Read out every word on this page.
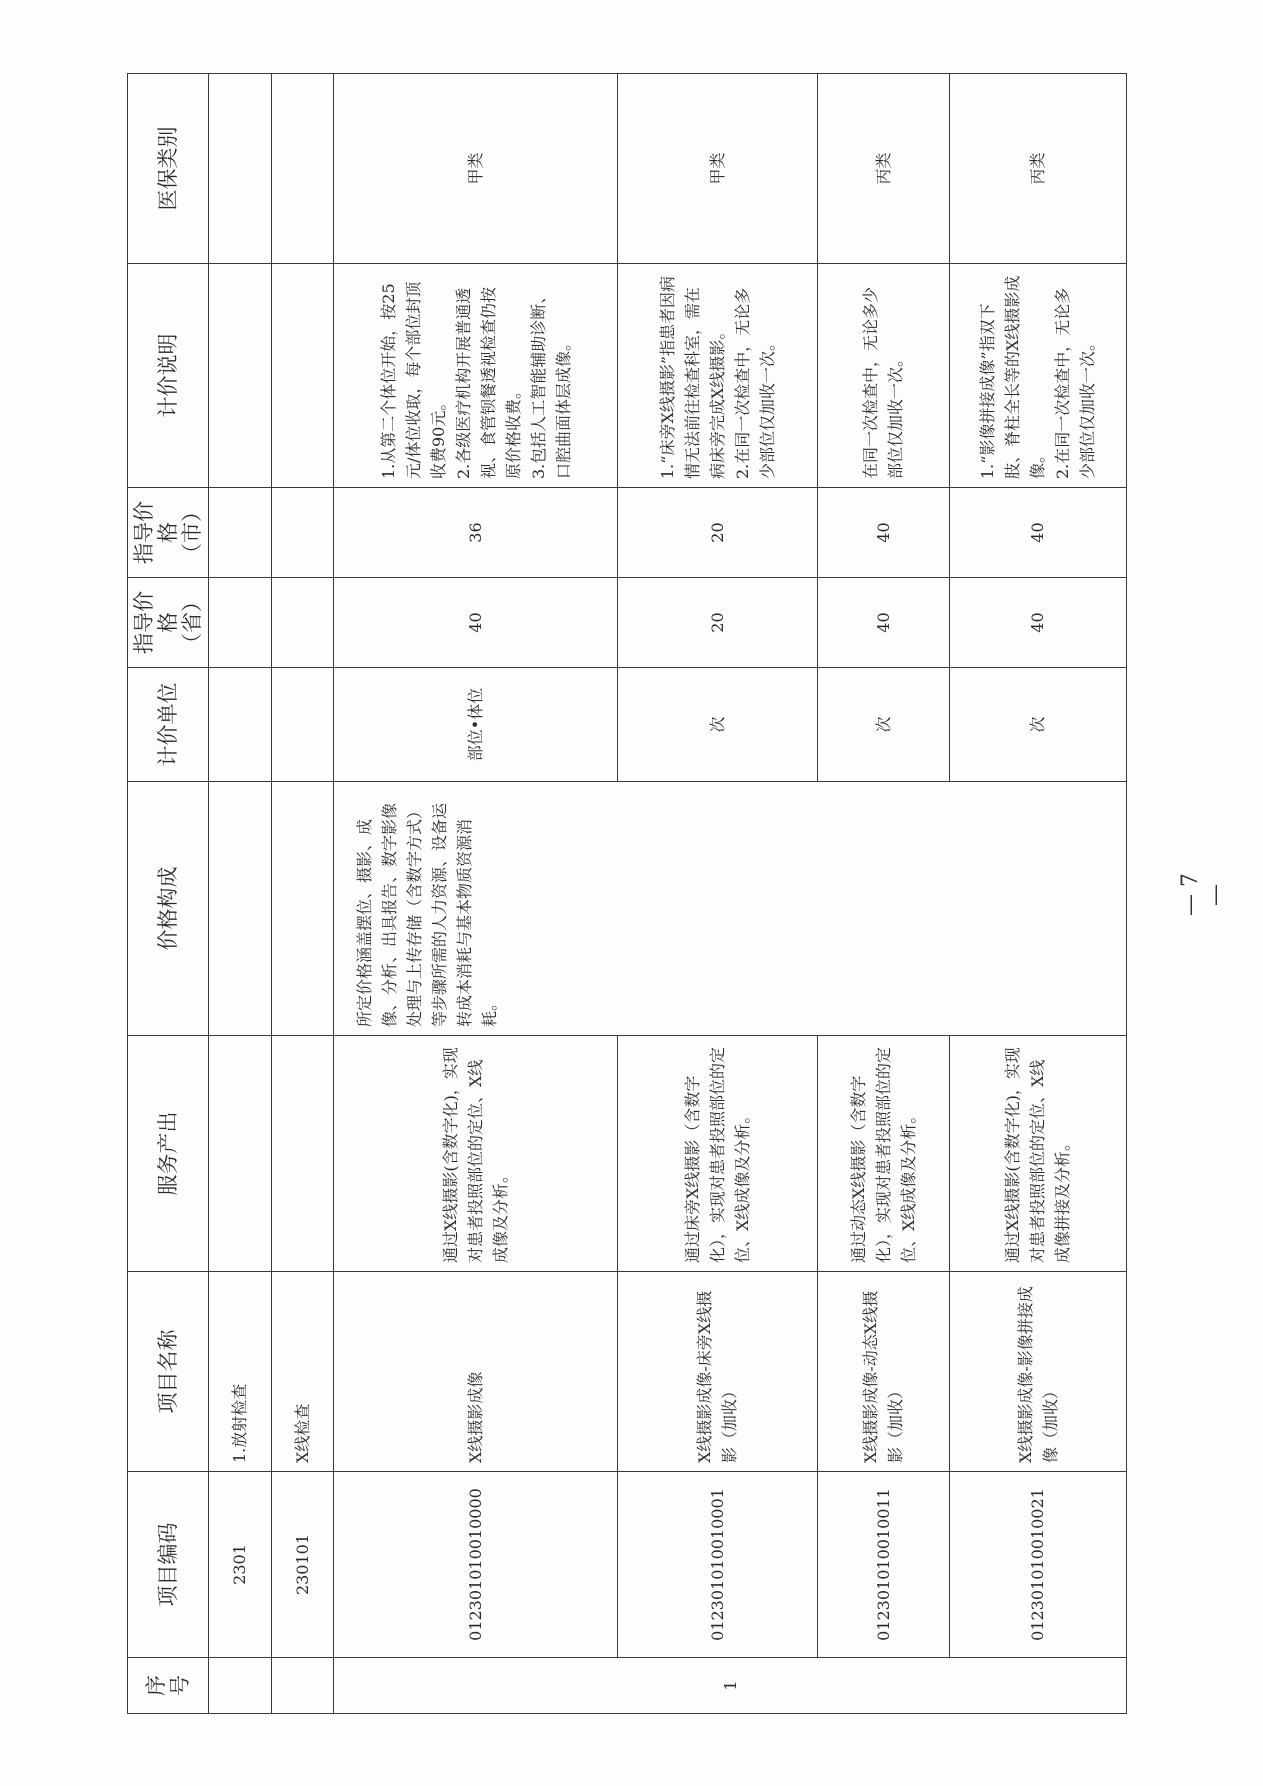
序号	项目编码	项目名称	服务产出	价格构成	计价单位	指导价格（省）	指导价格（市）	计价说明	医保类别
	2301	1.放射检查							
	230101	X线检查							
1	012301010010000	X线摄影成像	通过X线摄影(含数字化)，实现对患者投照部位的定位、X线成像及分析。	所定价格涵盖摆位、摄影、成像、分析、出具报告、数字影像处理与上传存储（含数字方式）等步骤所需的人力资源、设备运转成本消耗与基本物质资源消耗。	部位•体位	40	36	1.从第二个体位开始，按25元/体位收取，每个部位封顶收费90元。 2.各级医疗机构开展普通透视、食管钡餐透视检查仍按原价格收费。 3.包括人工智能辅助诊断、口腔曲面体层成像。	甲类
	012301010010001	X线摄影成像-床旁X线摄影（加收）	通过床旁X线摄影（含数字化），实现对患者投照部位的定位、X线成像及分析。		次	20	20	1.“床旁X线摄影”指患者因病情无法前往检查科室，需在病床旁完成X线摄影。 2.在同一次检查中，无论多少部位仅加收一次。	甲类
	012301010010011	X线摄影成像-动态X线摄影（加收）	通过动态X线摄影（含数字化），实现对患者投照部位的定位、X线成像及分析。		次	40	40	在同一次检查中，无论多少部位仅加收一次。	丙类
	012301010010021	X线摄影成像-影像拼接成像（加收）	通过X线摄影(含数字化)，实现对患者投照部位的定位、X线成像拼接及分析。		次	40	40	1.“影像拼接成像”指双下肢、脊柱全长等的X线摄影成像。 2.在同一次检查中，无论多少部位仅加收一次。	丙类
— 7 —
